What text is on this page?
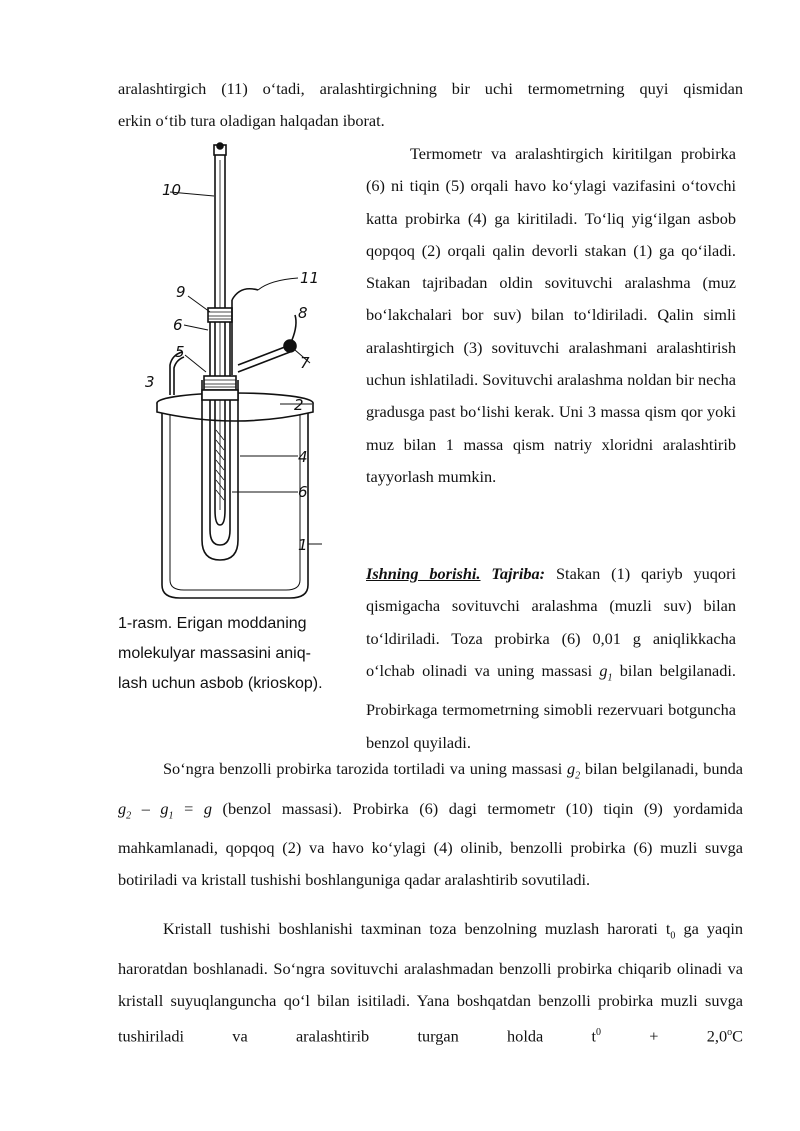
aralashtirgich (11) o‘tadi, aralashtirgichning bir uchi termometrning quyi qismidan
erkin o‘tib tura oladigan halqadan iborat.
10
11
8
9
6
5
7
3
2
4
6
1
1-rasm. Erigan moddaning
molekulyar massasini aniq-
lash uchun asbob (krioskop).
Termometr va aralashtirgich kiritilgan probirka (6) ni tiqin (5) orqali havo ko‘ylagi vazifasini o‘tovchi katta probirka (4) ga kiritiladi. To‘liq yig‘ilgan asbob qopqoq (2) orqali qalin devorli stakan (1) ga qo‘iladi. Stakan tajribadan oldin sovituvchi aralashma (muz bo‘lakchalari bor suv) bilan to‘ldiriladi. Qalin simli aralashtirgich (3) sovituvchi aralashmani aralashtirish uchun ishlatiladi. Sovituvchi aralashma noldan bir necha gradusga past bo‘lishi kerak. Uni 3 massa qism qor yoki muz bilan 1 massa qism natriy xloridni aralashtirib tayyorlash mumkin.
Ishning borishi. Tajriba: Stakan (1) qariyb yuqori qismigacha sovituvchi aralashma (muzli suv) bilan to‘ldiriladi. Toza probirka (6) 0,01 g aniqlikkacha o‘lchab olinadi va uning massasi $g_1$ bilan belgilanadi. Probirkaga termometrning simobli rezervuari botguncha benzol quyiladi.
So‘ngra benzolli probirka tarozida tortiladi va uning massasi $g_2$ bilan belgilanadi, bunda $g_2 - g_1 = g$ (benzol massasi). Probirka (6) dagi termometr (10) tiqin (9) yordamida mahkamlanadi, qopqoq (2) va havo ko‘ylagi (4) olinib, benzolli probirka (6) muzli suvga botiriladi va kristall tushishi boshlanguniga qadar aralashtirib sovutiladi.
Kristall tushishi boshlanishi taxminan toza benzolning muzlash harorati $t_0$ ga yaqin haroratdan boshlanadi. So‘ngra sovituvchi aralashmadan benzolli probirka chiqarib olinadi va kristall suyuqlanguncha qo‘l bilan isitiladi. Yana boshqatdan benzolli probirka muzli suvga tushiriladi va aralashtirib turgan holda $t^0$	+ $2,0^oC$
